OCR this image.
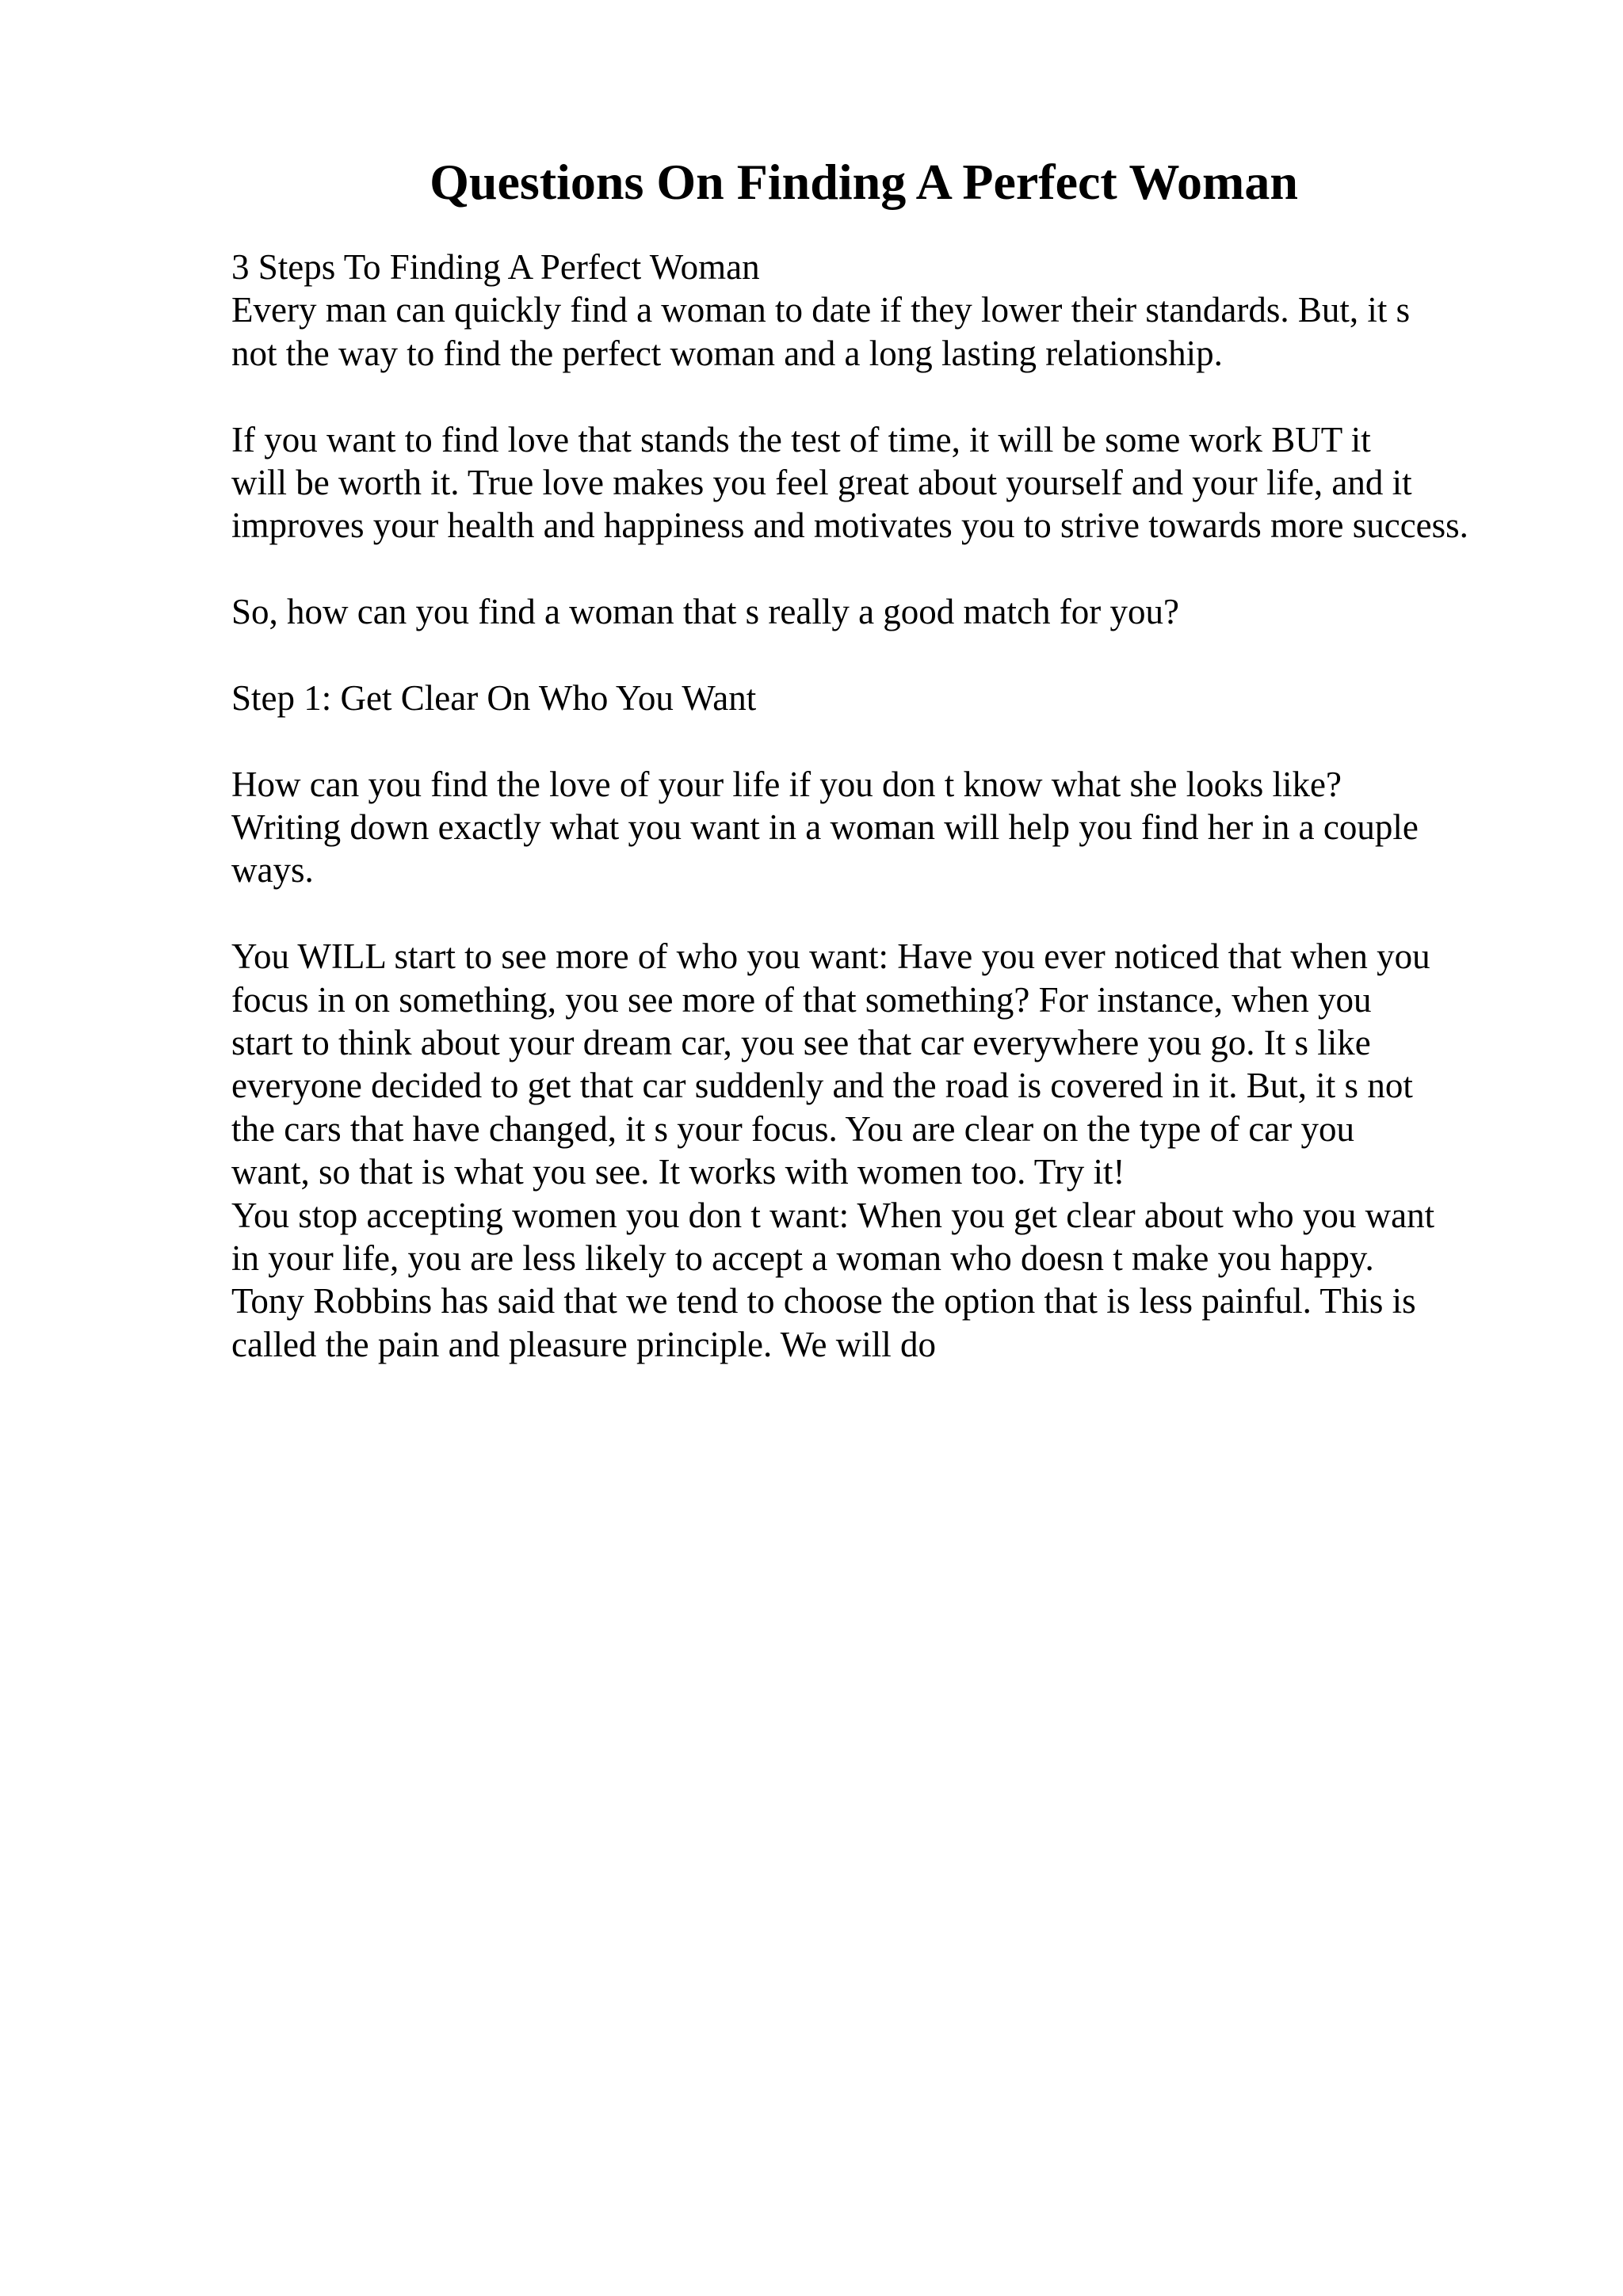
Questions On Finding A Perfect Woman
3 Steps To Finding A Perfect Woman
Every man can quickly find a woman to date if they lower their standards. But, it s
not the way to find the perfect woman and a long lasting relationship.
If you want to find love that stands the test of time, it will be some work BUT it
will be worth it. True love makes you feel great about yourself and your life, and it
improves your health and happiness and motivates you to strive towards more success.
So, how can you find a woman that s really a good match for you?
Step 1: Get Clear On Who You Want
How can you find the love of your life if you don t know what she looks like?
Writing down exactly what you want in a woman will help you find her in a couple
ways.
You WILL start to see more of who you want: Have you ever noticed that when you
focus in on something, you see more of that something? For instance, when you
start to think about your dream car, you see that car everywhere you go. It s like
everyone decided to get that car suddenly and the road is covered in it. But, it s not
the cars that have changed, it s your focus. You are clear on the type of car you
want, so that is what you see. It works with women too. Try it!
You stop accepting women you don t want: When you get clear about who you want
in your life, you are less likely to accept a woman who doesn t make you happy.
Tony Robbins has said that we tend to choose the option that is less painful. This is
called the pain and pleasure principle. We will do
